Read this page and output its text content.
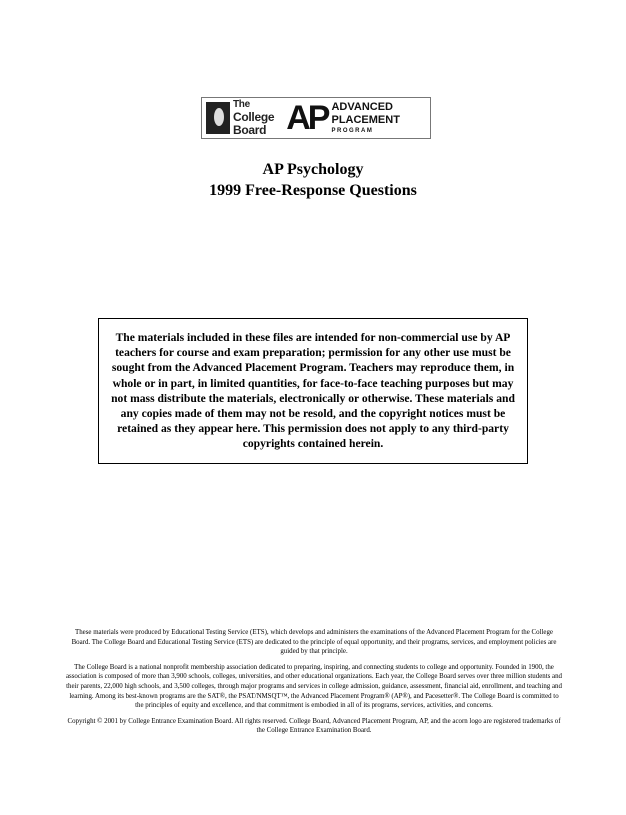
The
College
Board AP ADVANCED
PLACEMENT
PROGRAM
AP Psychology
1999 Free-Response Questions
The materials included in these files are intended for non-commercial use by AP teachers for course and exam preparation; permission for any other use must be sought from the Advanced Placement Program. Teachers may reproduce them, in whole or in part, in limited quantities, for face-to-face teaching purposes but may not mass distribute the materials, electronically or otherwise. These materials and any copies made of them may not be resold, and the copyright notices must be retained as they appear here. This permission does not apply to any third-party copyrights contained herein.

These materials were produced by Educational Testing Service (ETS), which develops and administers the examinations of the Advanced Placement Program for the College Board. The College Board and Educational Testing Service (ETS) are dedicated to the principle of equal opportunity, and their programs, services, and employment policies are guided by that principle.

The College Board is a national nonprofit membership association dedicated to preparing, inspiring, and connecting students to college and opportunity. Founded in 1900, the association is composed of more than 3,900 schools, colleges, universities, and other educational organizations. Each year, the College Board serves over three million students and their parents, 22,000 high schools, and 3,500 colleges, through major programs and services in college admission, guidance, assessment, financial aid, enrollment, and teaching and learning. Among its best-known programs are the SAT®, the PSAT/NMSQT™, the Advanced Placement Program® (AP®), and Pacesetter®. The College Board is committed to the principles of equity and excellence, and that commitment is embodied in all of its programs, services, activities, and concerns.

Copyright © 2001 by College Entrance Examination Board. All rights reserved. College Board, Advanced Placement Program, AP, and the acorn logo are registered trademarks of the College Entrance Examination Board.
